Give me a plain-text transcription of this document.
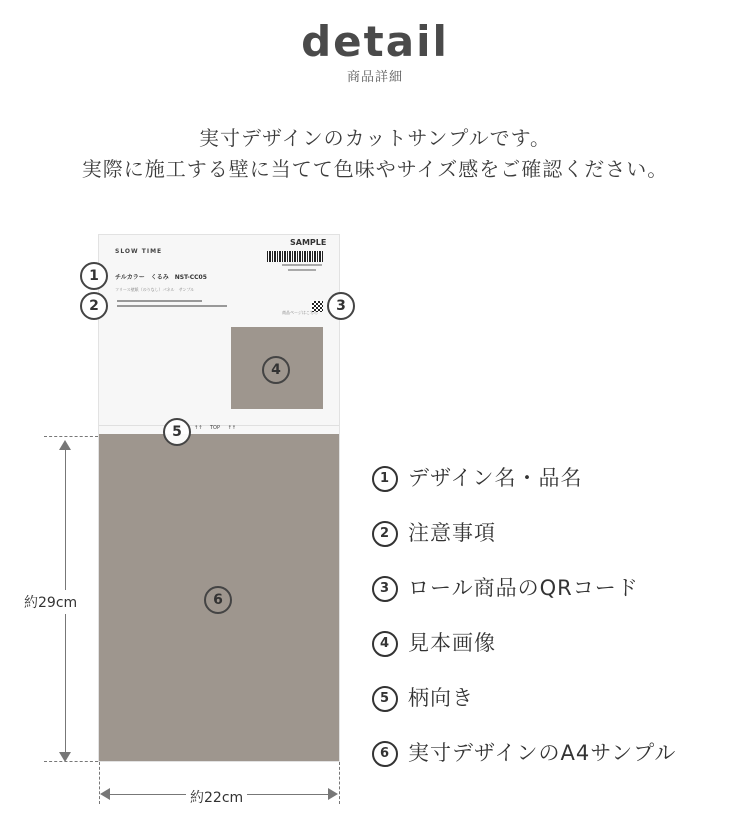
detail
商品詳細
実寸デザインのカットサンプルです。
実際に施工する壁に当てて色味やサイズ感をご確認ください。
SLOW TIME
SAMPLE
チルカラー　くるみ　NST-CC05
フリース壁紙（のりなし）パネル　サンプル
商品ページはこちら
↑↑ TOP ↑↑
1
2	3
4
5
6
約29cm
約22cm
1 デザイン名・品名
2 注意事項
3 ロール商品のQRコード
4 見本画像
5 柄向き
6 実寸デザインのA4サンプル
